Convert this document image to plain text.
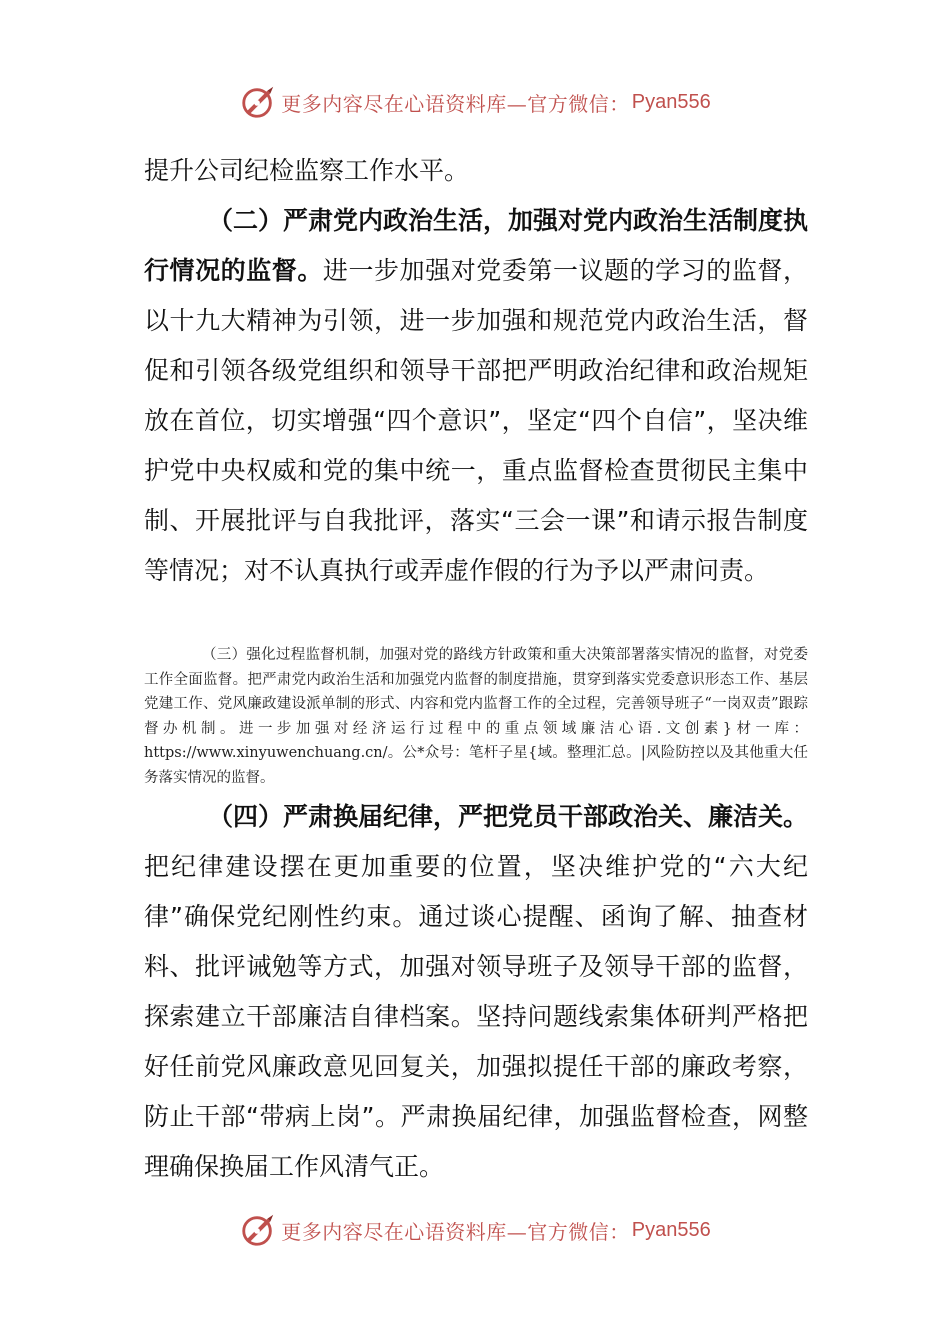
更多内容尽在心语资料库—官方微信： Pyan556

提升公司纪检监察工作水平。

（二）严肃党内政治生活，加强对党内政治生活制度执行情况的监督。进一步加强对党委第一议题的学习的监督，以十九大精神为引领，进一步加强和规范党内政治生活，督促和引领各级党组织和领导干部把严明政治纪律和政治规矩放在首位，切实增强“四个意识”，坚定“四个自信”，坚决维护党中央权威和党的集中统一，重点监督检查贯彻民主集中制、开展批评与自我批评，落实“三会一课”和请示报告制度等情况；对不认真执行或弄虚作假的行为予以严肃问责。

（三）强化过程监督机制，加强对党的路线方针政策和重大决策部署落实情况的监督，对党委工作全面监督。把严肃党内政治生活和加强党内监督的制度措施，贯穿到落实党委意识形态工作、基层党建工作、党风廉政建设派单制的形式、内容和党内监督工作的全过程，完善领导班子“一岗双责”跟踪督办机制。进一步加强对经济运行过程中的重点领域廉洁心语.文创素}材一库：https://www.xinyuwenchuang.cn/。公*众号：笔杆子星{域。整理汇总。|风险防控以及其他重大任务落实情况的监督。

（四）严肃换届纪律，严把党员干部政治关、廉洁关。把纪律建设摆在更加重要的位置，坚决维护党的“六大纪律”确保党纪刚性约束。通过谈心提醒、函询了解、抽查材料、批评诫勉等方式，加强对领导班子及领导干部的监督，探索建立干部廉洁自律档案。坚持问题线索集体研判严格把好任前党风廉政意见回复关，加强拟提任干部的廉政考察，防止干部“带病上岗”。严肃换届纪律，加强监督检查，网整理确保换届工作风清气正。

更多内容尽在心语资料库—官方微信： Pyan556
